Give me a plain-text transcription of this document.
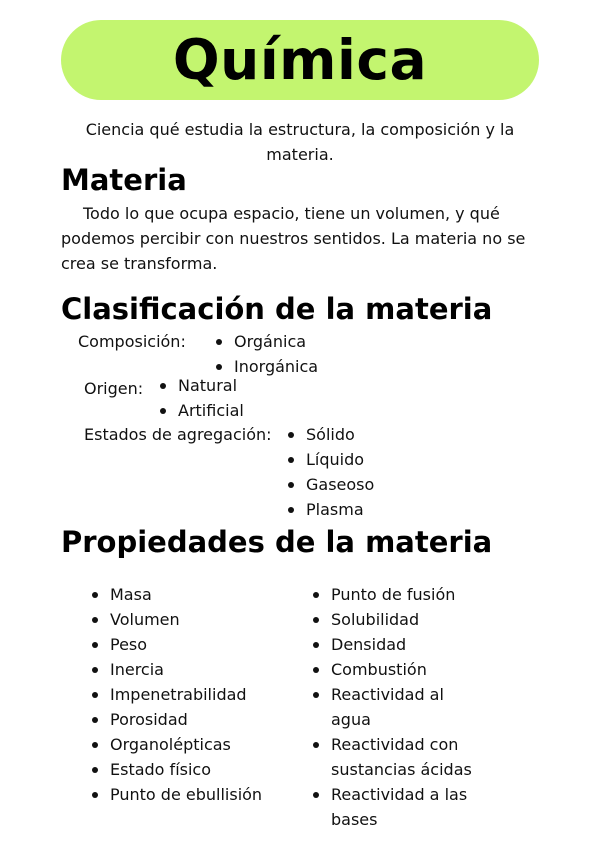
Química

Ciencia qué estudia la estructura, la composición y la materia.

Materia

Todo lo que ocupa espacio, tiene un volumen, y qué podemos percibir con nuestros sentidos. La materia no se crea se transforma.

Clasificación de la materia
Composición:	Orgánica
Inorgánica
Origen:	Natural
Artificial
Estados de agregación:	Sólido
Líquido
Gaseoso
Plasma
Propiedades de la materia
Masa
Volumen
Peso
Inercia
Impenetrabilidad
Porosidad
Organolépticas
Estado físico
Punto de ebullisión
Punto de fusión
Solubilidad
Densidad
Combustión
Reactividad al agua
Reactividad con sustancias ácidas
Reactividad a las bases
